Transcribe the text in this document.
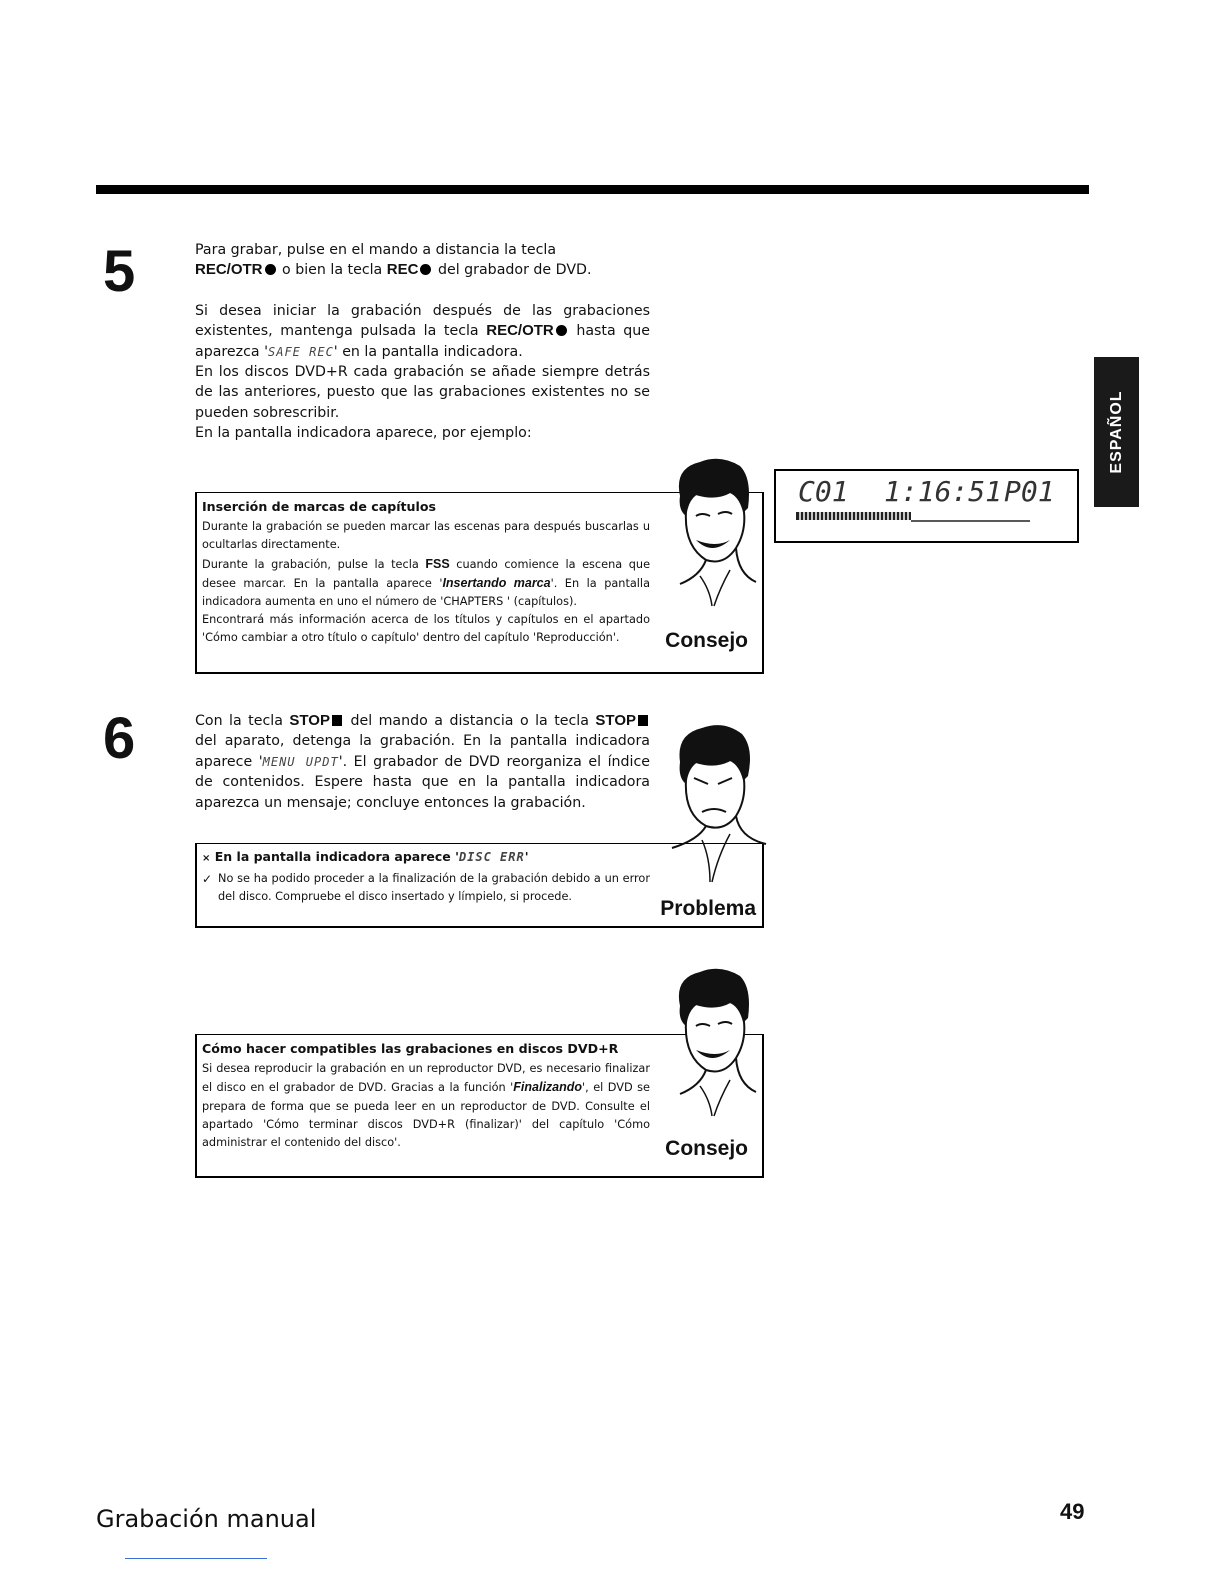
ESPAÑOL
5	Para grabar, pulse en el mando a distancia la tecla
REC/OTR o bien la tecla REC del grabador de DVD.

Si desea iniciar la grabación después de las grabaciones existentes, mantenga pulsada la tecla REC/OTR hasta que aparezca 'SAFE REC' en la pantalla indicadora.

En los discos DVD+R cada grabación se añade siempre detrás de las anteriores, puesto que las grabaciones existentes no se pueden sobrescribir.

En la pantalla indicadora aparece, por ejemplo:

C01 1:16:51 P01
Inserción de marcas de capítulos
Durante la grabación se pueden marcar las escenas para después buscarlas u ocultarlas directamente.
Durante la grabación, pulse la tecla FSS cuando comience la escena que desee marcar. En la pantalla aparece 'Insertando marca'. En la pantalla indicadora aumenta en uno el número de 'CHAPTERS ' (capítulos).
Encontrará más información acerca de los títulos y capítulos en el apartado 'Cómo cambiar a otro título o capítulo' dentro del capítulo 'Reproducción'.	Consejo
6	Con la tecla STOP del mando a distancia o la tecla STOP del aparato, detenga la grabación. En la pantalla indicadora aparece 'MENU UPDT'. El grabador de DVD reorganiza el índice de contenidos. Espere hasta que en la pantalla indicadora aparezca un mensaje; concluye entonces la grabación.

× En la pantalla indicadora aparece 'DISC ERR'
✓ No se ha podido proceder a la finalización de la grabación debido a un error del disco. Compruebe el disco insertado y límpielo, si procede.
Problema
Cómo hacer compatibles las grabaciones en discos DVD+R
Si desea reproducir la grabación en un reproductor DVD, es necesario finalizar el disco en el grabador de DVD. Gracias a la función 'Finalizando', el DVD se prepara de forma que se pueda leer en un reproductor de DVD. Consulte el apartado 'Cómo terminar discos DVD+R (finalizar)' del capítulo 'Cómo administrar el contenido del disco'.	Consejo
Grabación manual	49
